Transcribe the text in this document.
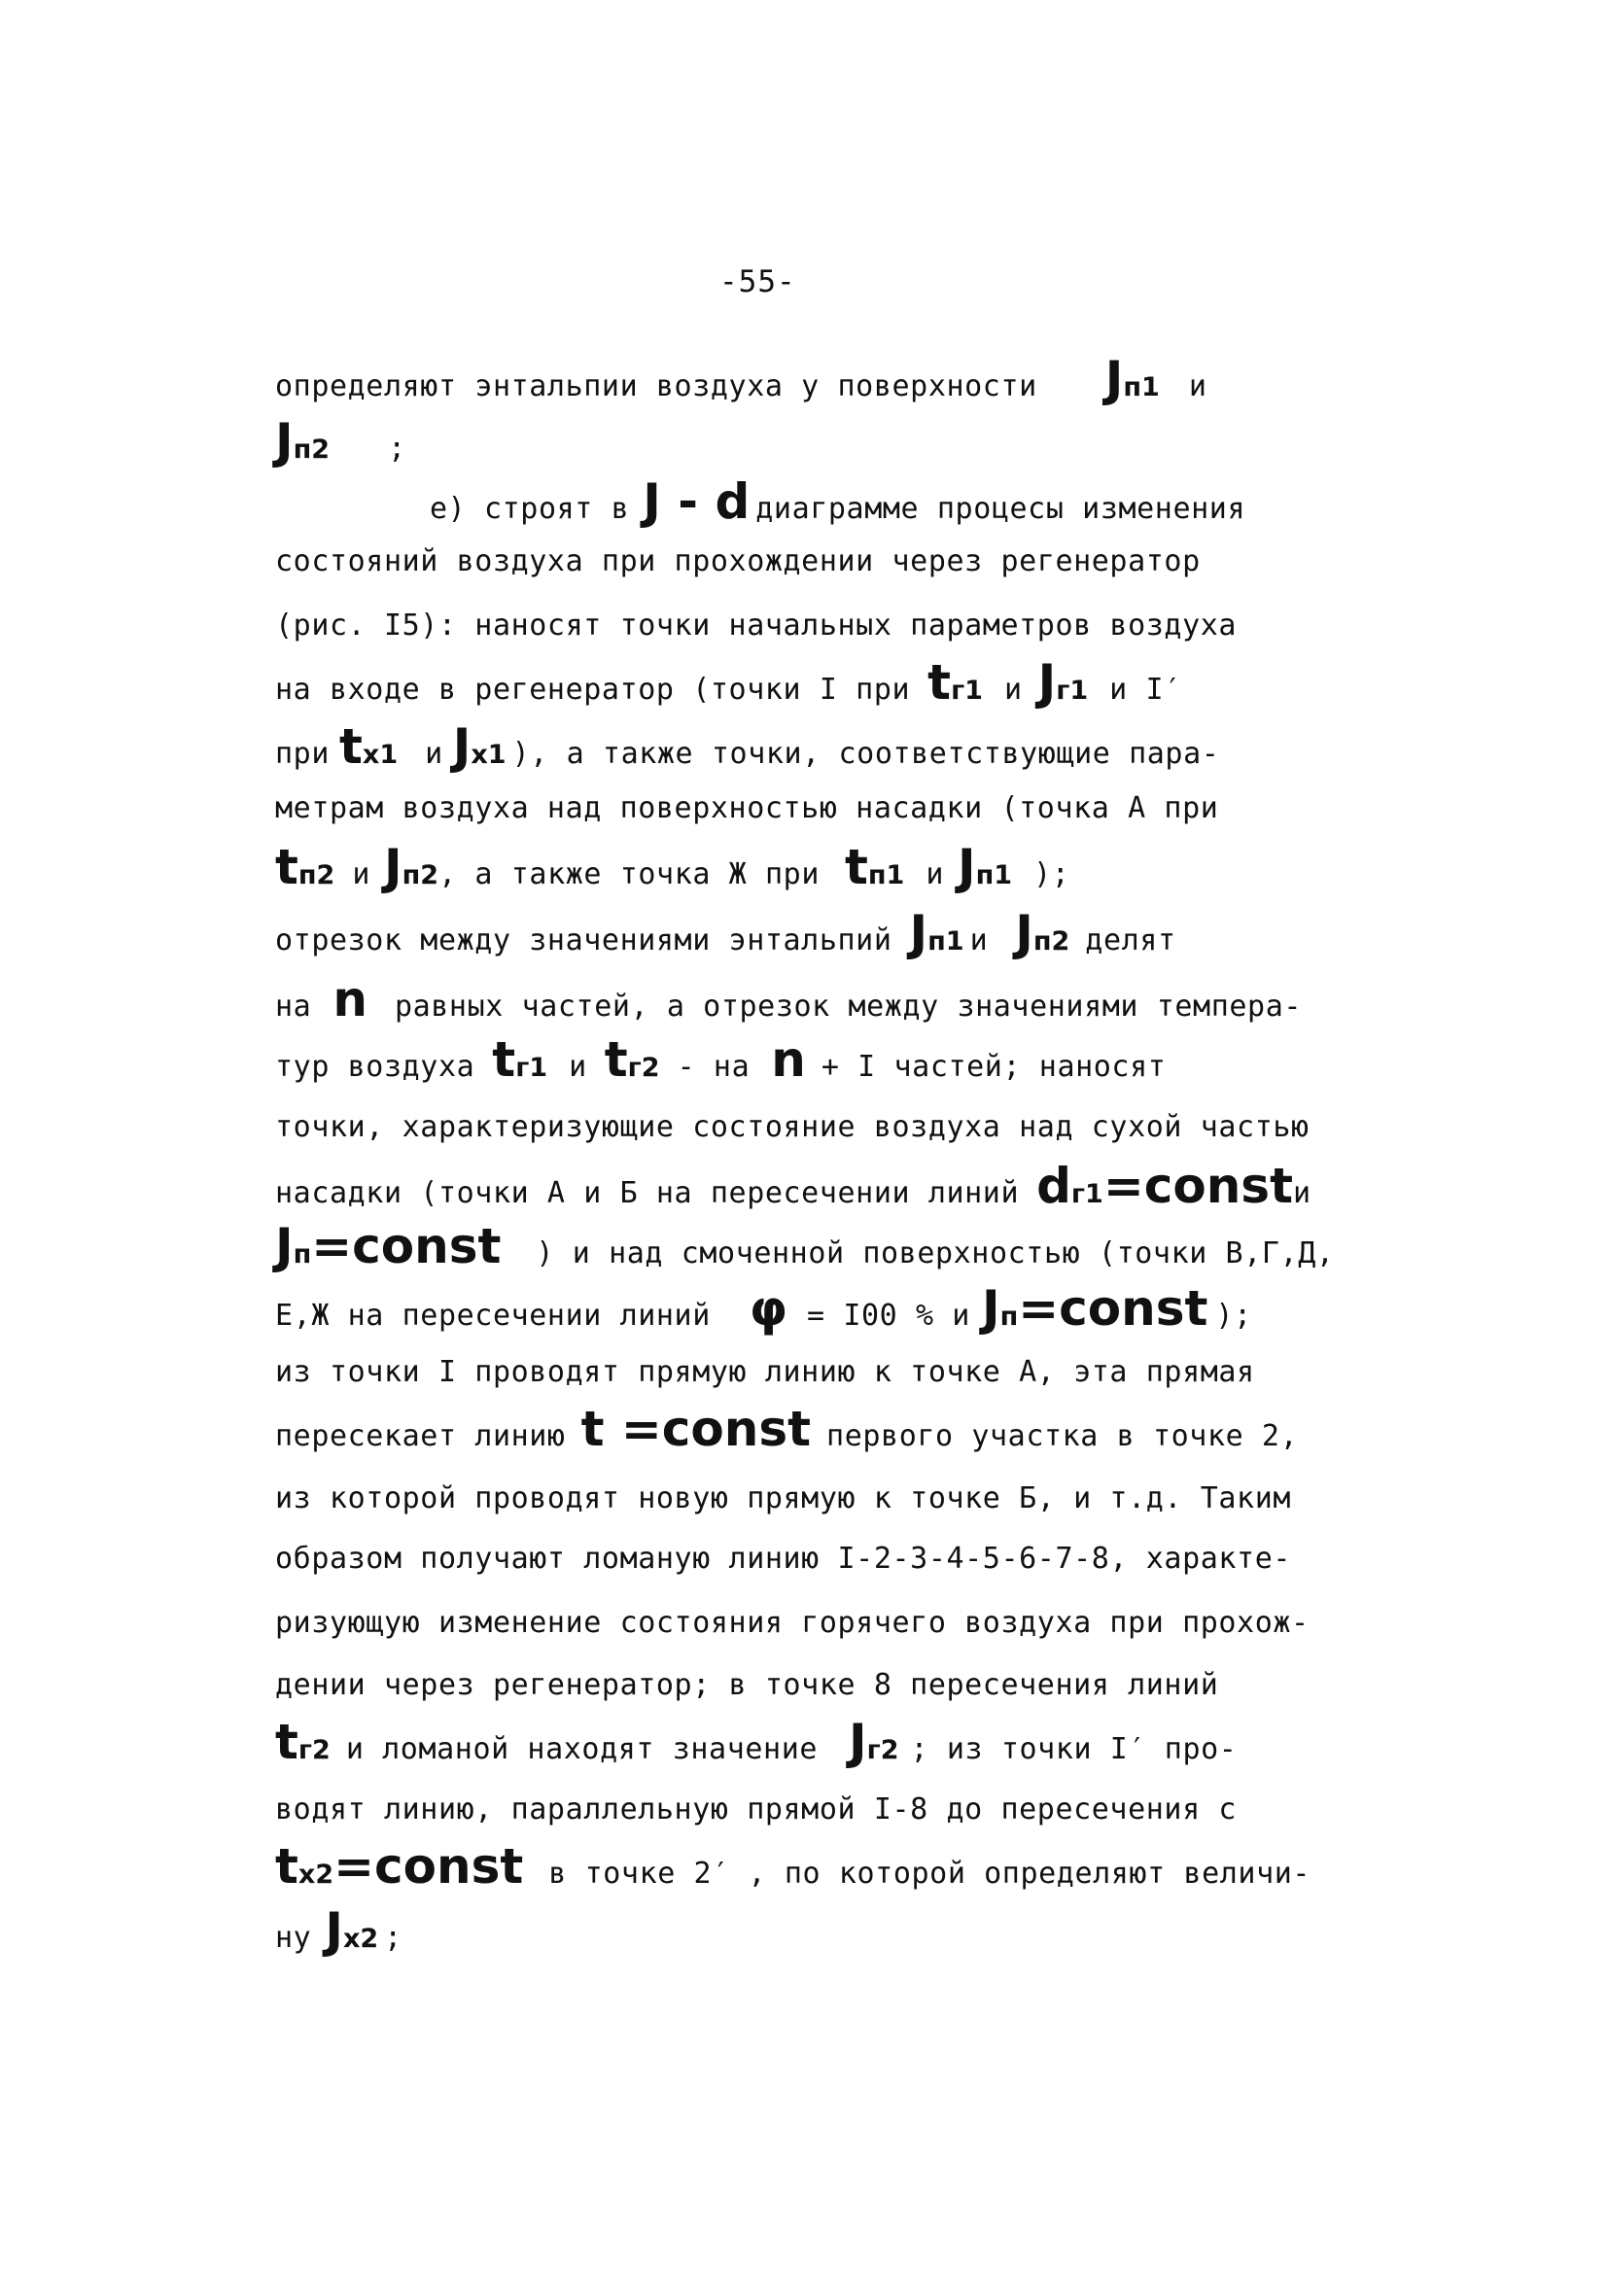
-55-
определяют энтальпии воздуха у поверхности Jп1 и
Jп2 ;
е) строят в J - d диаграмме процесы изменения
состояний воздуха при прохождении через регенератор
(рис. I5): наносят точки начальных параметров воздуха
на входе в регенератор (точки I при tг1 и Jг1 и I′
при tх1 и Jх1 ), а также точки, соответствующие пара-
метрам воздуха над поверхностью насадки (точка А при
tп2 и Jп2, а также точка Ж при tп1 и Jп1 );
отрезок между значениями энтальпий Jп1 и Jп2 делят
на n равных частей, а отрезок между значениями темпера-
тур воздуха tг1 и tг2 - на n + I частей; наносят
точки, характеризующие состояние воздуха над сухой частью
насадки (точки А и Б на пересечении линий dг1=constи
Jп=const ) и над смоченной поверхностью (точки В,Г,Д,
Е,Ж на пересечении линий φ = I00 % и Jп=const );
из точки I проводят прямую линию к точке А, эта прямая
пересекает линию t =const первого участка в точке 2,
из которой проводят новую прямую к точке Б, и т.д. Таким
образом получают ломаную линию I-2-3-4-5-6-7-8, характе-
ризующую изменение состояния горячего воздуха при прохож-
дении через регенератор; в точке 8 пересечения линий
tг2 и ломаной находят значение Jг2 ; из точки I′ про-
водят линию, параллельную прямой I-8 до пересечения с
tх2=const в точке 2′ , по которой определяют величи-
ну Jх2 ;
